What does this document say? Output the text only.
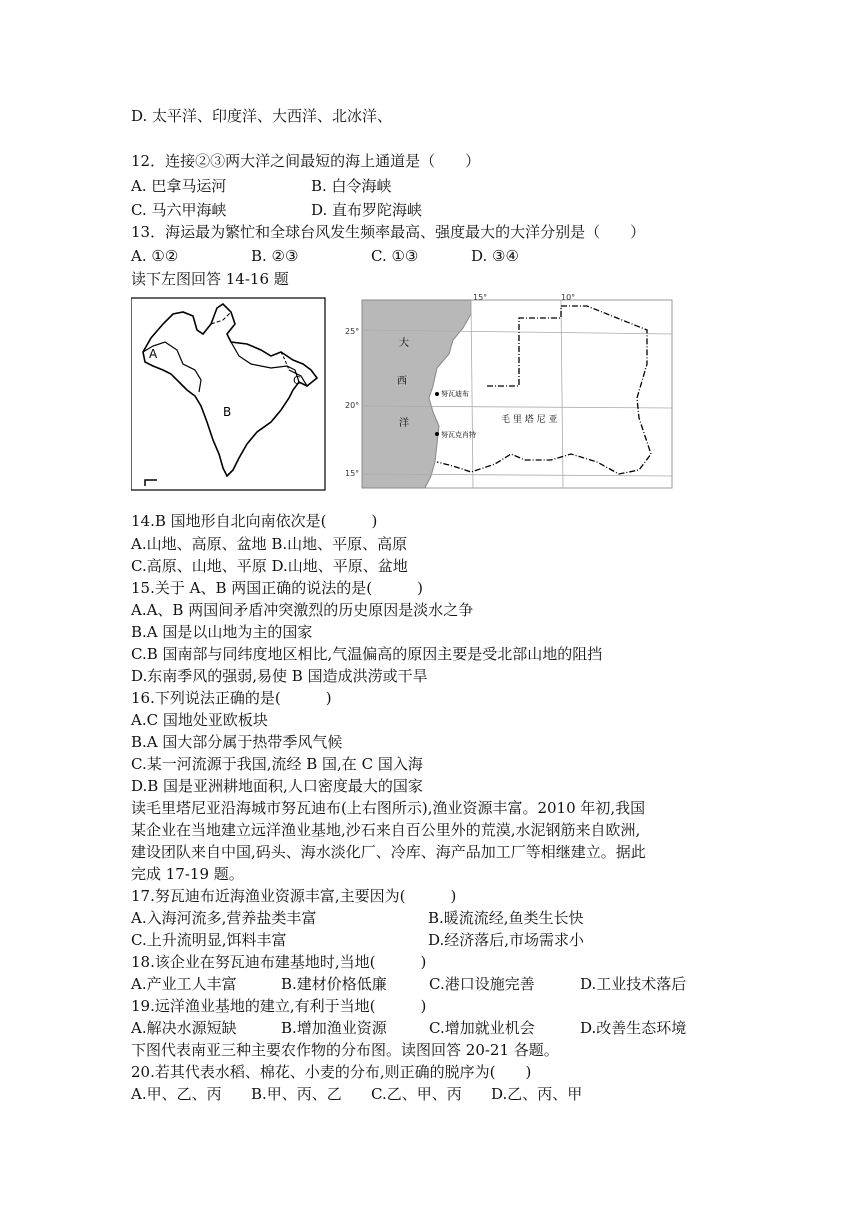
D. 太平洋、印度洋、大西洋、北冰洋、
12．连接②③两大洋之间最短的海上通道是（　　）
A. 巴拿马运河	B. 白令海峡
C. 马六甲海峡	D. 直布罗陀海峡
13．海运最为繁忙和全球台风发生频率最高、强度最大的大洋分别是（　　）
A. ①②	B. ②③	C. ①③	D. ③④
读下左图回答 14-16 题
A
B
C
15°	10°
25°
20°
15°
大
西
洋
努瓦迪布
努瓦克肖特
毛 里 塔 尼 亚
14.B 国地形自北向南依次是(　　　)
A.山地、高原、盆地 B.山地、平原、高原
C.高原、山地、平原 D.山地、平原、盆地
15.关于 A、B 两国正确的说法的是(　　　)
A.A、B 两国间矛盾冲突激烈的历史原因是淡水之争
B.A 国是以山地为主的国家
C.B 国南部与同纬度地区相比,气温偏高的原因主要是受北部山地的阻挡
D.东南季风的强弱,易使 B 国造成洪涝或干旱
16.下列说法正确的是(　　　)
A.C 国地处亚欧板块
B.A 国大部分属于热带季风气候
C.某一河流源于我国,流经 B 国,在 C 国入海
D.B 国是亚洲耕地面积,人口密度最大的国家
读毛里塔尼亚沿海城市努瓦迪布(上右图所示),渔业资源丰富。2010 年初,我国
某企业在当地建立远洋渔业基地,沙石来自百公里外的荒漠,水泥钢筋来自欧洲,
建设团队来自中国,码头、海水淡化厂、冷库、海产品加工厂等相继建立。据此
完成 17-19 题。
17.努瓦迪布近海渔业资源丰富,主要因为(　　　)
A.入海河流多,营养盐类丰富	B.暖流流经,鱼类生长快
C.上升流明显,饵料丰富	D.经济落后,市场需求小
18.该企业在努瓦迪布建基地时,当地(　　　)
A.产业工人丰富	B.建材价格低廉	C.港口设施完善	D.工业技术落后
19.远洋渔业基地的建立,有利于当地(　　　)
A.解决水源短缺	B.增加渔业资源	C.增加就业机会	D.改善生态环境
下图代表南亚三种主要农作物的分布图。读图回答 20-21 各题。
20.若其代表水稻、棉花、小麦的分布,则正确的脱序为(　　)
A.甲、乙、丙 B.甲、丙、乙 C.乙、甲、丙 D.乙、丙、甲
